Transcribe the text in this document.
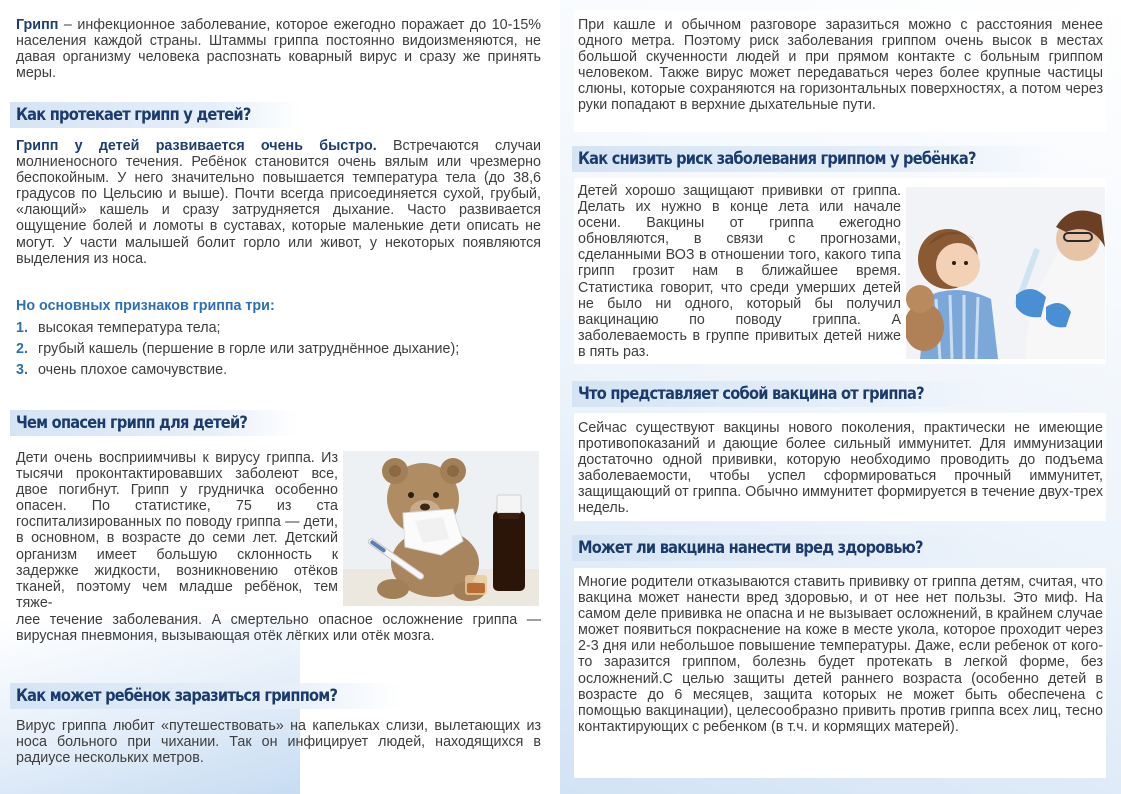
Грипп – инфекционное заболевание, которое ежегодно поражает до 10-15% населения каждой страны. Штаммы гриппа постоянно видоизменяются, не давая организму человека распознать коварный вирус и сразу же принять меры.

Как протекает грипп у детей?

Грипп у детей развивается очень быстро. Встречаются случаи молниеносного течения. Ребёнок становится очень вялым или чрезмерно беспокойным. У него значительно повышается температура тела (до 38,6 градусов по Цельсию и выше). Почти всегда присоединяется сухой, грубый, «лающий» кашель и сразу затрудняется дыхание. Часто развивается ощущение болей и ломоты в суставах, которые маленькие дети описать не могут. У части малышей болит горло или живот, у некоторых появляются выделения из носа.

Но основных признаков гриппа три:

1. высокая температура тела;
2. грубый кашель (першение в горле или затруднённое дыхание);
3. очень плохое самочувствие.
Чем опасен грипп для детей?

Дети очень восприимчивы к вирусу гриппа. Из тысячи проконтактировавших заболеют все, двое погибнут. Грипп у грудничка особенно опасен. По статистике, 75 из ста госпитализированных по поводу гриппа — дети, в основном, в возрасте до семи лет. Детский организм имеет большую склонность к задержке жидкости, возникновению отёков тканей, поэтому чем младше ребёнок, тем тяже-

лее течение заболевания. А смертельно опасное осложнение гриппа — вирусная пневмония, вызывающая отёк лёгких или отёк мозга.

Как может ребёнок заразиться гриппом?

Вирус гриппа любит «путешествовать» на капельках слизи, вылетающих из носа больного при чихании. Так он инфицирует людей, находящихся в радиусе нескольких метров.

При кашле и обычном разговоре заразиться можно с расстояния менее одного метра. Поэтому риск заболевания гриппом очень высок в местах большой скученности людей и при прямом контакте с больным гриппом человеком. Также вирус может передаваться через более крупные частицы слюны, которые сохраняются на горизонтальных поверхностях, а потом через руки попадают в верхние дыхательные пути.

Как снизить риск заболевания гриппом у ребёнка?

Детей хорошо защищают прививки от гриппа. Делать их нужно в конце лета или начале осени. Вакцины от гриппа ежегодно обновляются, в связи с прогнозами, сделанными ВОЗ в отношении того, какого типа грипп грозит нам в ближайшее время. Статистика говорит, что среди умерших детей не было ни одного, который бы получил вакцинацию по поводу гриппа. А заболеваемость в группе привитых детей ниже в пять раз.

Что представляет собой вакцина от гриппа?

Сейчас существуют вакцины нового поколения, практически не имеющие противопоказаний и дающие более сильный иммунитет. Для иммунизации достаточно одной прививки, которую необходимо проводить до подъема заболеваемости, чтобы успел сформироваться прочный иммунитет, защищающий от гриппа. Обычно иммунитет формируется в течение двух-трех недель.

Может ли вакцина нанести вред здоровью?

Многие родители отказываются ставить прививку от гриппа детям, считая, что вакцина может нанести вред здоровью, и от нее нет пользы. Это миф. На самом деле прививка не опасна и не вызывает осложнений, в крайнем случае может появиться покраснение на коже в месте укола, которое проходит через 2-3 дня или небольшое повышение температуры. Даже, если ребенок от кого-то заразится гриппом, болезнь будет протекать в легкой форме, без осложнений.С целью защиты детей раннего возраста (особенно детей в возрасте до 6 месяцев, защита которых не может быть обеспечена с помощью вакцинации), целесообразно привить против гриппа всех лиц, тесно контактирующих с ребенком (в т.ч. и кормящих матерей).
